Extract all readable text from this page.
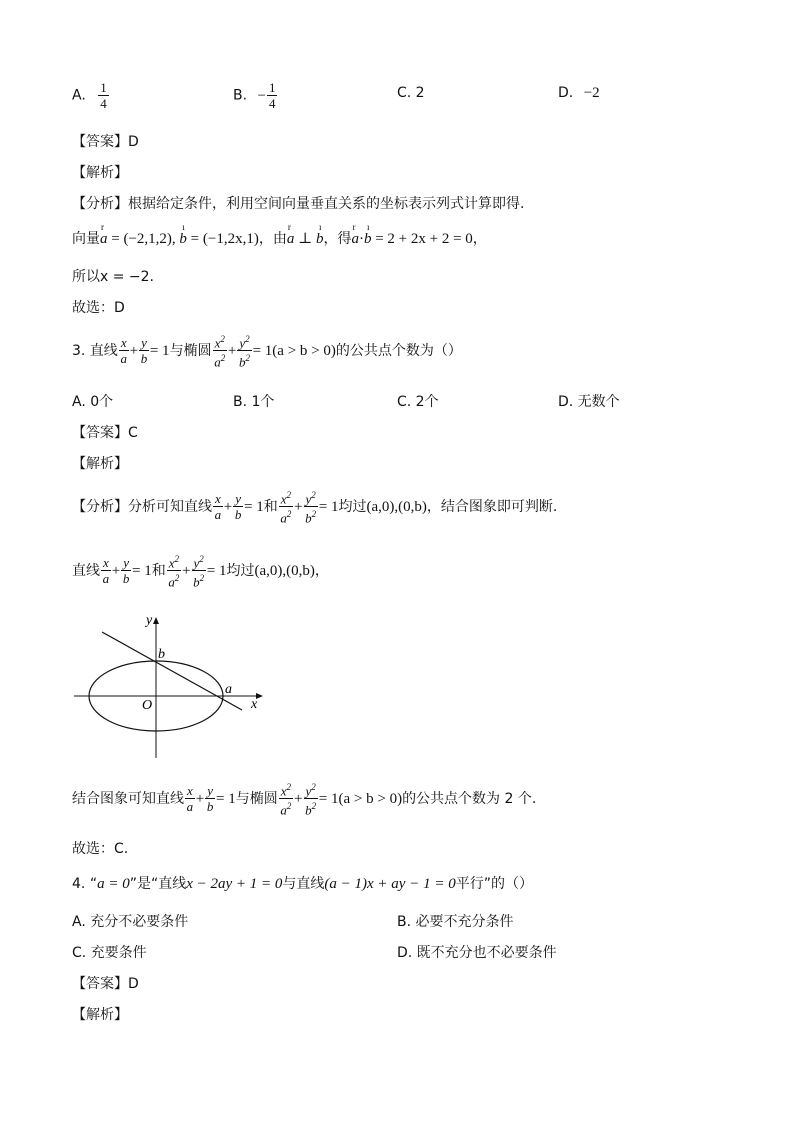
A. $\frac{1}{4}$	B. − $\frac{1}{4}$	C. 2	D. −2
【答案】D
【解析】
【分析】根据给定条件，利用空间向量垂直关系的坐标表示列式计算即得.
向量r a = (−2,1,2), ı b = (−1,2x,1)，由r a ⊥ ı b，得r a·ı b = 2 + 2x + 2 = 0，
所以x = −2.
故选：D
3. 直线 $\frac{x}{a} + \frac{y}{b} = 1$与椭圆 $\frac{x^2}{a^2} + \frac{y^2}{b^2} = 1(a > b > 0)$的公共点个数为（）
A. 0个	B. 1个	C. 2个	D. 无数个
【答案】C
【解析】
【分析】分析可知直线 $\frac{x}{a} + \frac{y}{b} = 1$和 $\frac{x^2}{a^2} + \frac{y^2}{b^2} = 1$均过(a,0),(0,b)，结合图象即可判断.
直线 $\frac{x}{a} + \frac{y}{b} = 1$和 $\frac{x^2}{a^2} + \frac{y^2}{b^2} = 1$均过(a,0),(0,b)，
y
b
a
O	x
结合图象可知直线 $\frac{x}{a} + \frac{y}{b} = 1$与椭圆 $\frac{x^2}{a^2} + \frac{y^2}{b^2} = 1(a > b > 0)$的公共点个数为 2 个.
故选：C.
4. “a = 0”是“直线x − 2ay + 1 = 0与直线(a − 1)x + ay − 1 = 0平行”的（）
A. 充分不必要条件	B. 必要不充分条件
C. 充要条件	D. 既不充分也不必要条件
【答案】D
【解析】
